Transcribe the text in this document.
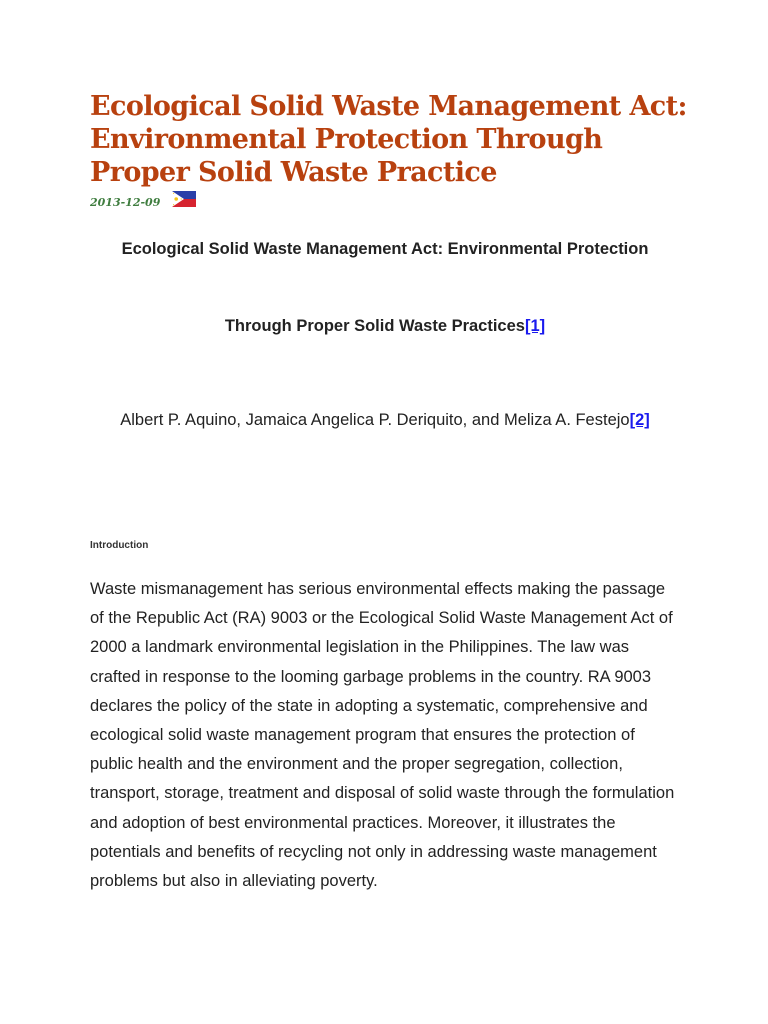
Ecological Solid Waste Management Act: Environmental Protection Through Proper Solid Waste Practice
2013-12-09

Ecological Solid Waste Management Act: Environmental Protection

Through Proper Solid Waste Practices[1]

Albert P. Aquino, Jamaica Angelica P. Deriquito, and Meliza A. Festejo[2]

Introduction

Waste mismanagement has serious environmental effects making the passage of the Republic Act (RA) 9003 or the Ecological Solid Waste Management Act of 2000 a landmark environmental legislation in the Philippines. The law was crafted in response to the looming garbage problems in the country. RA 9003 declares the policy of the state in adopting a systematic, comprehensive and ecological solid waste management program that ensures the protection of public health and the environment and the proper segregation, collection, transport, storage, treatment and disposal of solid waste through the formulation and adoption of best environmental practices. Moreover, it illustrates the potentials and benefits of recycling not only in addressing waste management problems but also in alleviating poverty.
